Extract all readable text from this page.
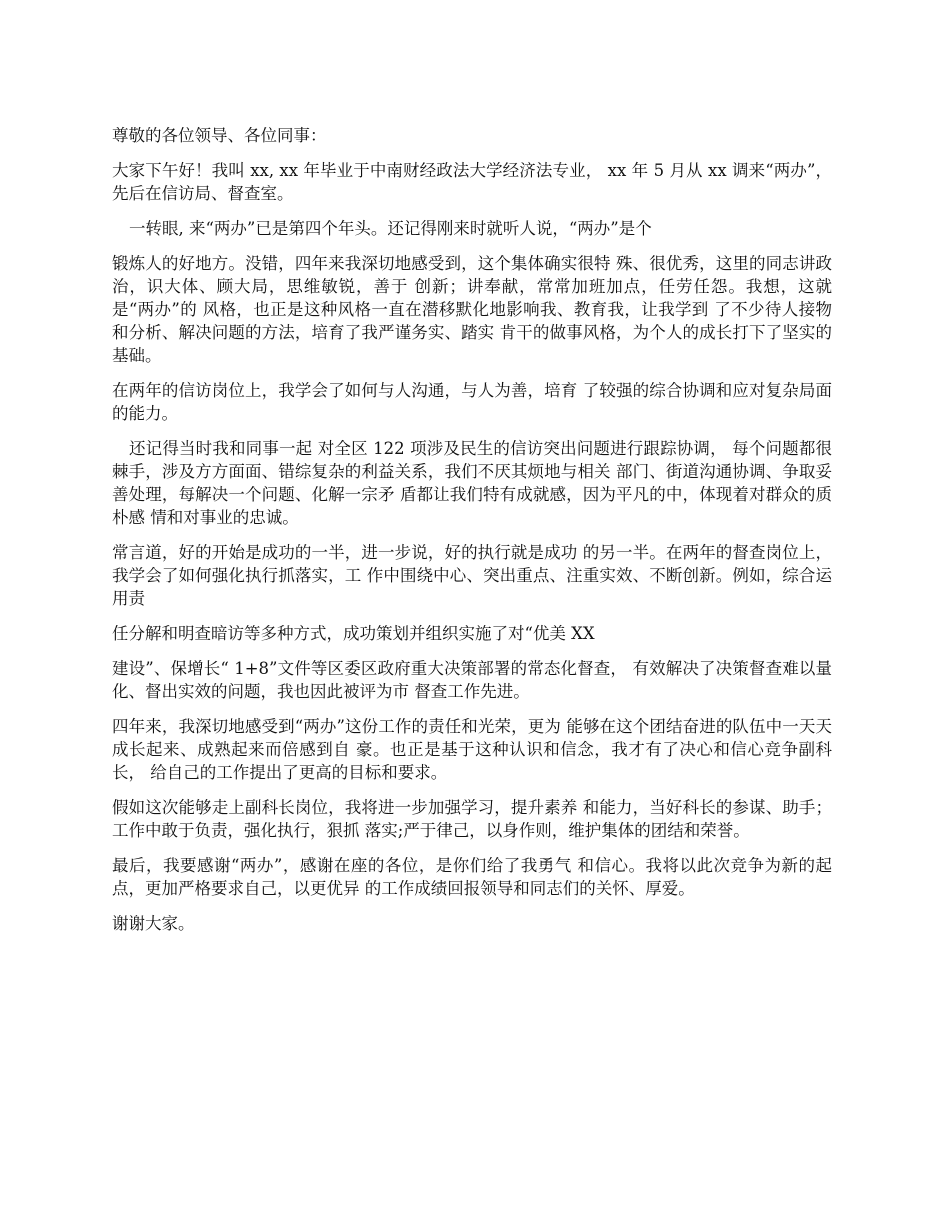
尊敬的各位领导、各位同事：

大家下午好！我叫 xx, xx 年毕业于中南财经政法大学经济法专业， xx 年 5 月从 xx 调来“两办”，先后在信访局、督查室。

一转眼, 来“两办”已是第四个年头。还记得刚来时就听人说，“两办”是个

锻炼人的好地方。没错，四年来我深切地感受到，这个集体确实很特 殊、很优秀，这里的同志讲政治，识大体、顾大局，思维敏锐，善于 创新；讲奉献，常常加班加点，任劳任怨。我想，这就是“两办”的 风格，也正是这种风格一直在潜移默化地影响我、教育我，让我学到 了不少待人接物和分析、解决问题的方法，培育了我严谨务实、踏实 肯干的做事风格，为个人的成长打下了坚实的基础。

在两年的信访岗位上，我学会了如何与人沟通，与人为善，培育 了较强的综合协调和应对复杂局面的能力。

还记得当时我和同事一起 对全区 122 项涉及民生的信访突出问题进行跟踪协调， 每个问题都很 棘手，涉及方方面面、错综复杂的利益关系，我们不厌其烦地与相关 部门、街道沟通协调、争取妥善处理，每解决一个问题、化解一宗矛 盾都让我们特有成就感，因为平凡的中，体现着对群众的质朴感 情和对事业的忠诚。

常言道，好的开始是成功的一半，进一步说，好的执行就是成功 的另一半。在两年的督查岗位上，我学会了如何强化执行抓落实，工 作中围绕中心、突出重点、注重实效、不断创新。例如，综合运用责

任分解和明查暗访等多种方式，成功策划并组织实施了对“优美 XX

建设”、保增长“ 1+8”文件等区委区政府重大决策部署的常态化督查， 有效解决了决策督查难以量化、督出实效的问题，我也因此被评为市 督查工作先进。

四年来，我深切地感受到“两办”这份工作的责任和光荣，更为 能够在这个团结奋进的队伍中一天天成长起来、成熟起来而倍感到自 豪。也正是基于这种认识和信念，我才有了决心和信心竞争副科长， 给自己的工作提出了更高的目标和要求。

假如这次能够走上副科长岗位，我将进一步加强学习，提升素养 和能力，当好科长的参谋、助手；工作中敢于负责，强化执行，狠抓 落实;严于律己，以身作则，维护集体的团结和荣誉。

最后，我要感谢“两办”，感谢在座的各位，是你们给了我勇气 和信心。我将以此次竞争为新的起点，更加严格要求自己，以更优异 的工作成绩回报领导和同志们的关怀、厚爱。

谢谢大家。
